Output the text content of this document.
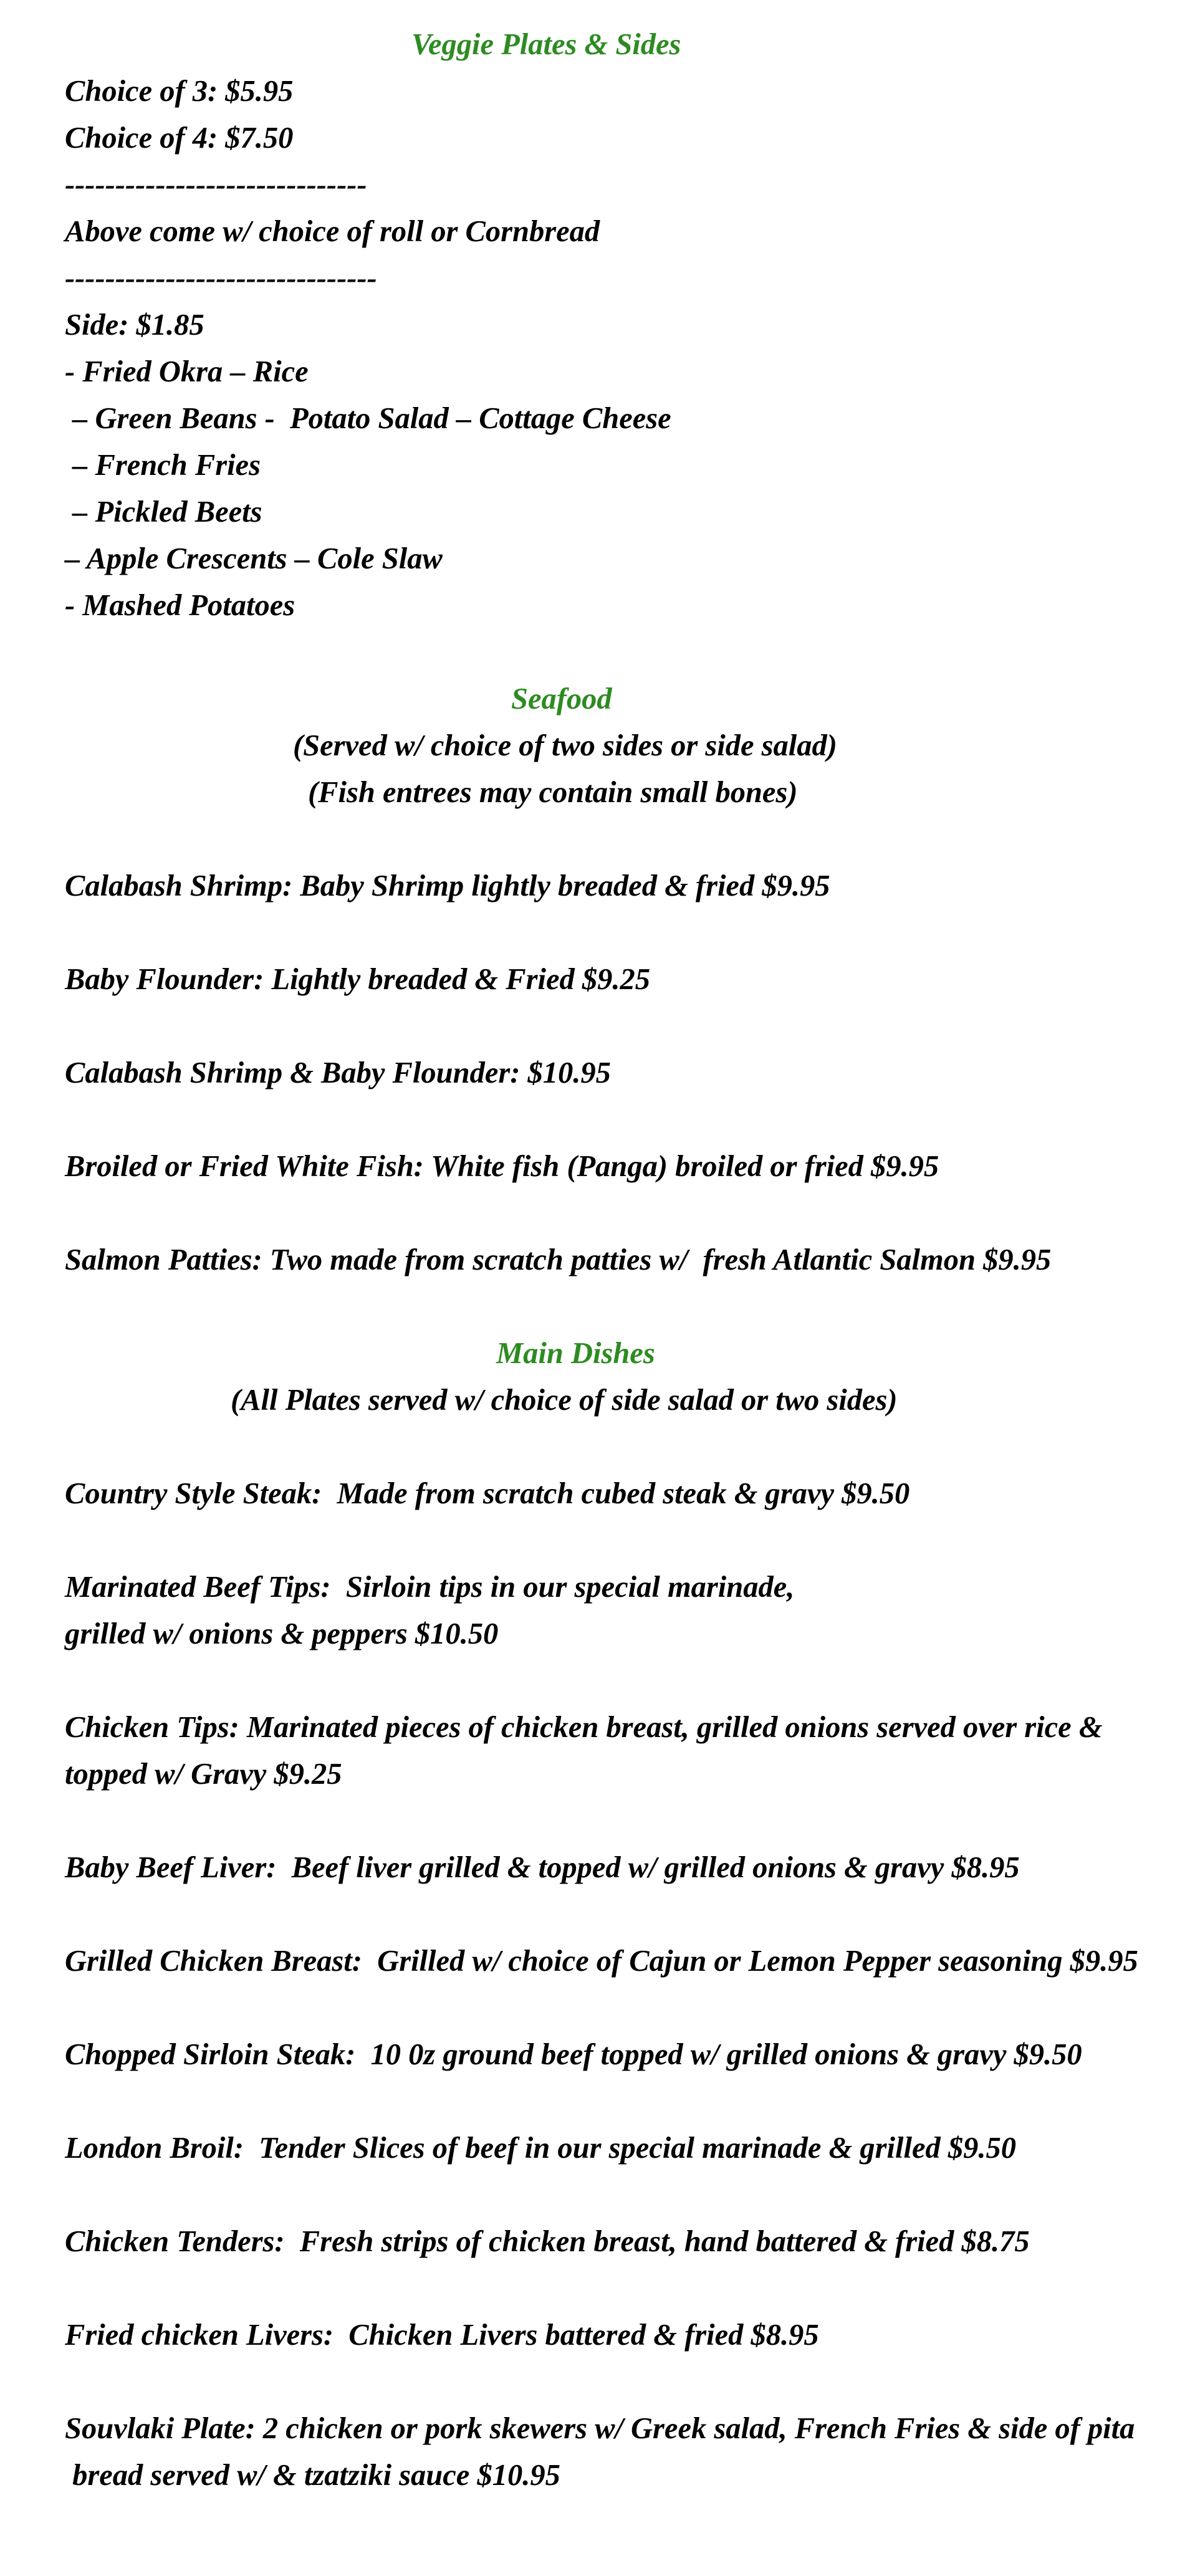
Veggie Plates & Sides
Choice of 3: $5.95
Choice of 4: $7.50
------------------------------
Above come w/ choice of roll or Cornbread
-------------------------------
Side: $1.85
- Fried Okra – Rice
– Green Beans -  Potato Salad – Cottage Cheese
– French Fries
– Pickled Beets
– Apple Crescents – Cole Slaw
- Mashed Potatoes
Seafood
(Served w/ choice of two sides or side salad)
(Fish entrees may contain small bones)
Calabash Shrimp: Baby Shrimp lightly breaded & fried $9.95
Baby Flounder: Lightly breaded & Fried $9.25
Calabash Shrimp & Baby Flounder: $10.95
Broiled or Fried White Fish: White fish (Panga) broiled or fried $9.95
Salmon Patties: Two made from scratch patties w/  fresh Atlantic Salmon $9.95
Main Dishes
(All Plates served w/ choice of side salad or two sides)
Country Style Steak:  Made from scratch cubed steak & gravy $9.50
Marinated Beef Tips:  Sirloin tips in our special marinade,
grilled w/ onions & peppers $10.50
Chicken Tips: Marinated pieces of chicken breast, grilled onions served over rice &
topped w/ Gravy $9.25
Baby Beef Liver:  Beef liver grilled & topped w/ grilled onions & gravy $8.95
Grilled Chicken Breast:  Grilled w/ choice of Cajun or Lemon Pepper seasoning $9.95
Chopped Sirloin Steak:  10 0z ground beef topped w/ grilled onions & gravy $9.50
London Broil:  Tender Slices of beef in our special marinade & grilled $9.50
Chicken Tenders:  Fresh strips of chicken breast, hand battered & fried $8.75
Fried chicken Livers:  Chicken Livers battered & fried $8.95
Souvlaki Plate: 2 chicken or pork skewers w/ Greek salad, French Fries & side of pita
bread served w/ & tzatziki sauce $10.95
